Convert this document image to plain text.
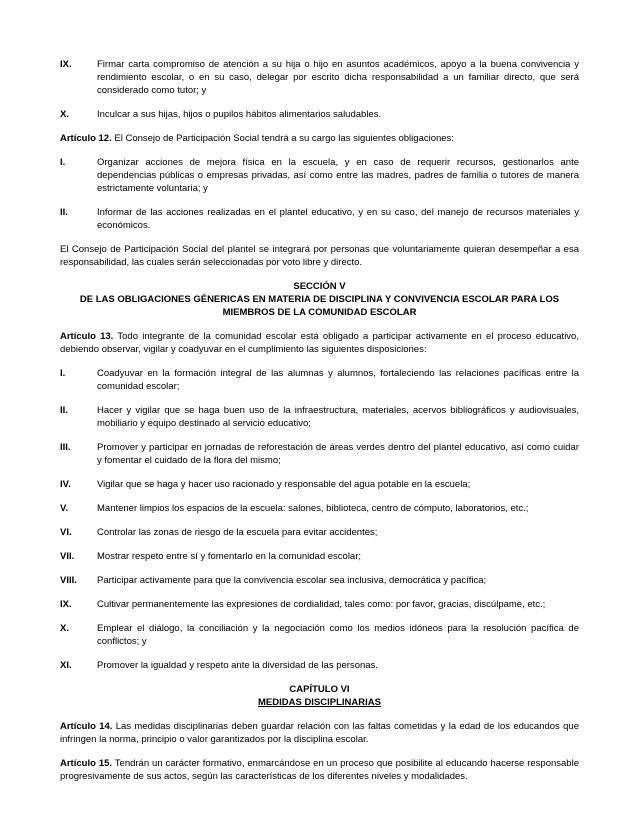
IX.	Firmar carta compromiso de atención a su hija o hijo en asuntos académicos, apoyo a la buena convivencia y rendimiento escolar, o en su caso, delegar por escrito dicha responsabilidad a un familiar directo, que será considerado como tutor; y
X.	Inculcar a sus hijas, hijos o pupilos hábitos alimentarios saludables.

Artículo 12. El Consejo de Participación Social tendrá a su cargo las siguientes obligaciones:

I.	Organizar acciones de mejora física en la escuela, y en caso de requerir recursos, gestionarlos ante dependencias públicas o empresas privadas, así como entre las madres, padres de familia o tutores de manera estrictamente voluntaria; y
II.	Informar de las acciones realizadas en el plantel educativo, y en su caso, del manejo de recursos materiales y económicos.

El Consejo de Participación Social del plantel se integrará por personas que voluntariamente quieran desempeñar a esa responsabilidad, las cuales serán seleccionadas por voto libre y directo.

SECCIÓN V
DE LAS OBLIGACIONES GÉNERICAS EN MATERIA DE DISCIPLINA Y CONVIVENCIA ESCOLAR PARA LOS
MIEMBROS DE LA COMUNIDAD ESCOLAR

Artículo 13. Todo integrante de la comunidad escolar está obligado a participar activamente en el proceso educativo, debiendo observar, vigilar y coadyuvar en el cumplimiento las siguientes disposiciones:

I.	Coadyuvar en la formación integral de las alumnas y alumnos, fortaleciendo las relaciones pacíficas entre la comunidad escolar;
II.	Hacer y vigilar que se haga buen uso de la infraestructura, materiales, acervos bibliográficos y audiovisuales, mobiliario y equipo destinado al servicio educativo;
III.	Promover y participar en jornadas de reforestación de áreas verdes dentro del plantel educativo, así como cuidar y fomentar el cuidado de la flora del mismo;
IV.	Vigilar que se haga y hacer uso racionado y responsable del agua potable en la escuela;
V.	Mantener limpios los espacios de la escuela: salones, biblioteca, centro de cómputo, laboratorios, etc.;
VI.	Controlar las zonas de riesgo de la escuela para evitar accidentes;
VII.	Mostrar respeto entre sí y fomentarlo en la comunidad escolar;
VIII.	Participar activamente para que la convivencia escolar sea inclusiva, democrática y pacífica;
IX.	Cultivar permanentemente las expresiones de cordialidad, tales como: por favor, gracias, discúlpame, etc.;
X.	Emplear el diálogo, la conciliación y la negociación como los medios idóneos para la resolución pacífica de conflictos; y
XI.	Promover la igualdad y respeto ante la diversidad de las personas.
CAPÍTULO VI
MEDIDAS DISCIPLINARIAS

Artículo 14. Las medidas disciplinarias deben guardar relación con las faltas cometidas y la edad de los educandos que infringen la norma, principio o valor garantizados por la disciplina escolar.

Artículo 15. Tendrán un carácter formativo, enmarcándose en un proceso que posibilite al educando hacerse responsable progresivamente de sus actos, según las características de los diferentes niveles y modalidades.
